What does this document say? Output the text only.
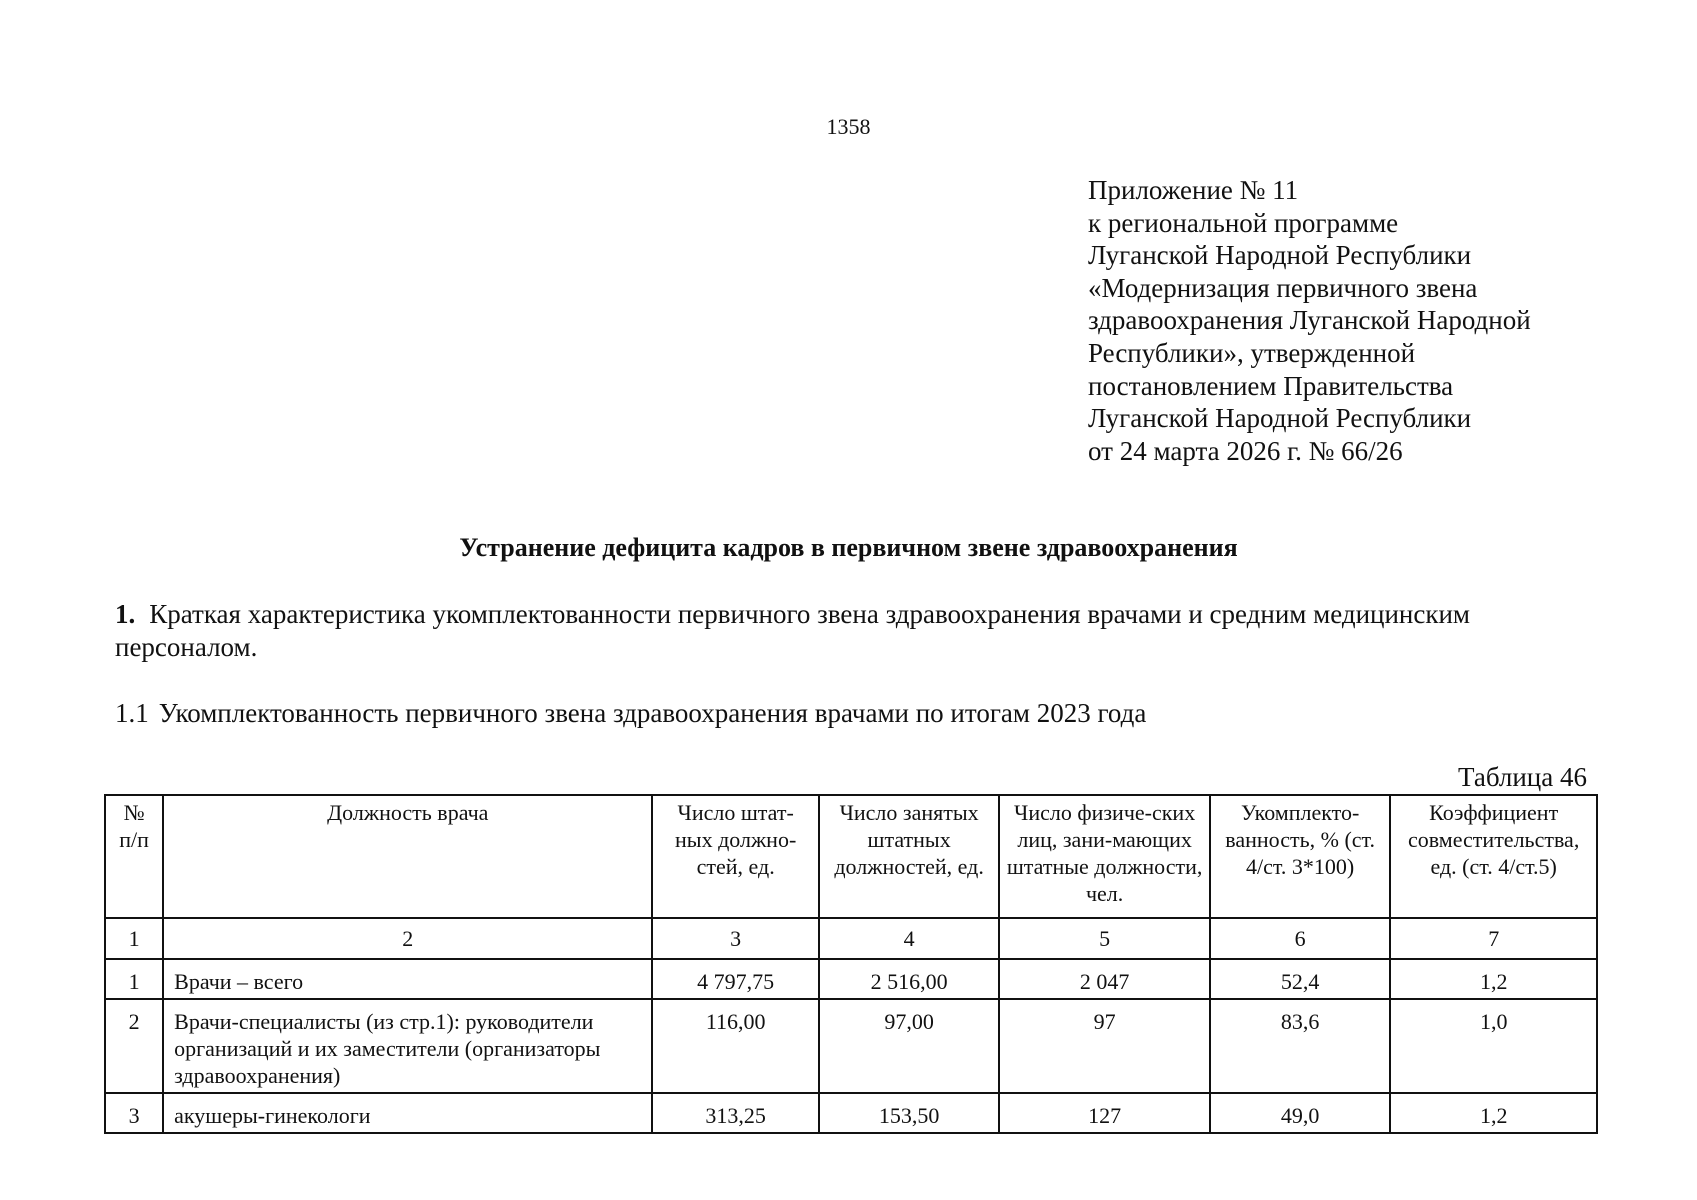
1358
Приложение № 11
к региональной программе
Луганской Народной Республики
«Модернизация первичного звена
здравоохранения Луганской Народной
Республики», утвержденной
постановлением Правительства
Луганской Народной Республики
от 24 марта 2026 г. № 66/26
Устранение дефицита кадров в первичном звене здравоохранения
1. Краткая характеристика укомплектованности первичного звена здравоохранения врачами и средним медицинским персоналом.
1.1 Укомплектованность первичного звена здравоохранения врачами по итогам 2023 года
Таблица 46
№ п/п	Должность врача	Число штат-ных должно-стей, ед.	Число занятых штатных должностей, ед.	Число физиче-ских лиц, зани-мающих штатные должности, чел.	Укомплекто-ванность, % (ст. 4/ст. 3*100)	Коэффициент совместительства, ед. (ст. 4/ст.5)
1	2	3	4	5	6	7
1	Врачи – всего	4 797,75	2 516,00	2 047	52,4	1,2
2	Врачи-специалисты (из стр.1): руководители организаций и их заместители (организаторы здравоохранения)	116,00	97,00	97	83,6	1,0
3	акушеры-гинекологи	313,25	153,50	127	49,0	1,2
